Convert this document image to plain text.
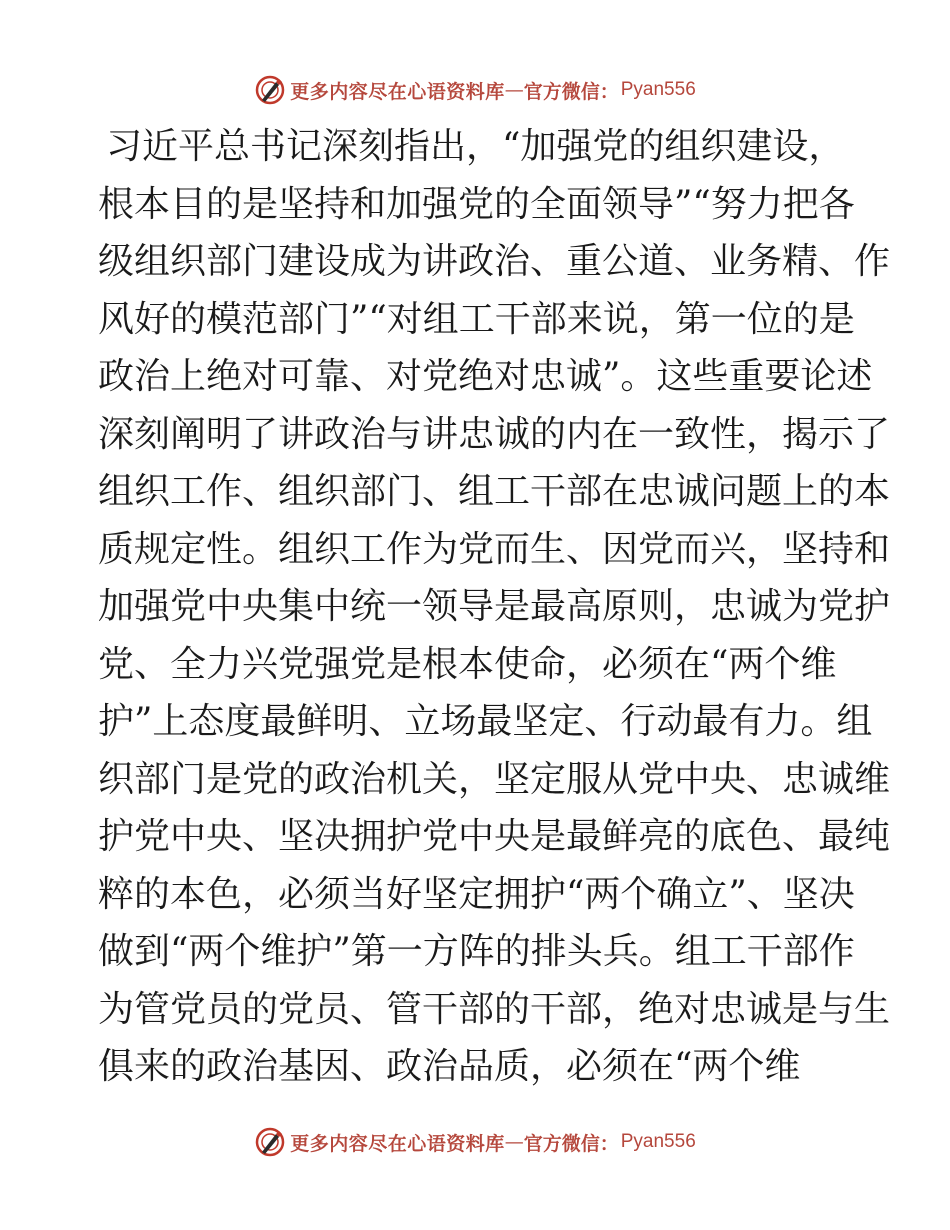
更多内容尽在心语资料库 — 官方微信： Pyan556
习近平总书记深刻指出，“加强党的组织建设，
根本目的是坚持和加强党的全面领导”“努力把各
级组织部门建设成为讲政治、重公道、业务精、作
风好的模范部门”“对组工干部来说，第一位的是
政治上绝对可靠、对党绝对忠诚”。这些重要论述
深刻阐明了讲政治与讲忠诚的内在一致性，揭示了
组织工作、组织部门、组工干部在忠诚问题上的本
质规定性。组织工作为党而生、因党而兴，坚持和
加强党中央集中统一领导是最高原则，忠诚为党护
党、全力兴党强党是根本使命，必须在“两个维
护”上态度最鲜明、立场最坚定、行动最有力。组
织部门是党的政治机关，坚定服从党中央、忠诚维
护党中央、坚决拥护党中央是最鲜亮的底色、最纯
粹的本色，必须当好坚定拥护“两个确立”、坚决
做到“两个维护”第一方阵的排头兵。组工干部作
为管党员的党员、管干部的干部，绝对忠诚是与生
俱来的政治基因、政治品质，必须在“两个维
更多内容尽在心语资料库 — 官方微信： Pyan556
